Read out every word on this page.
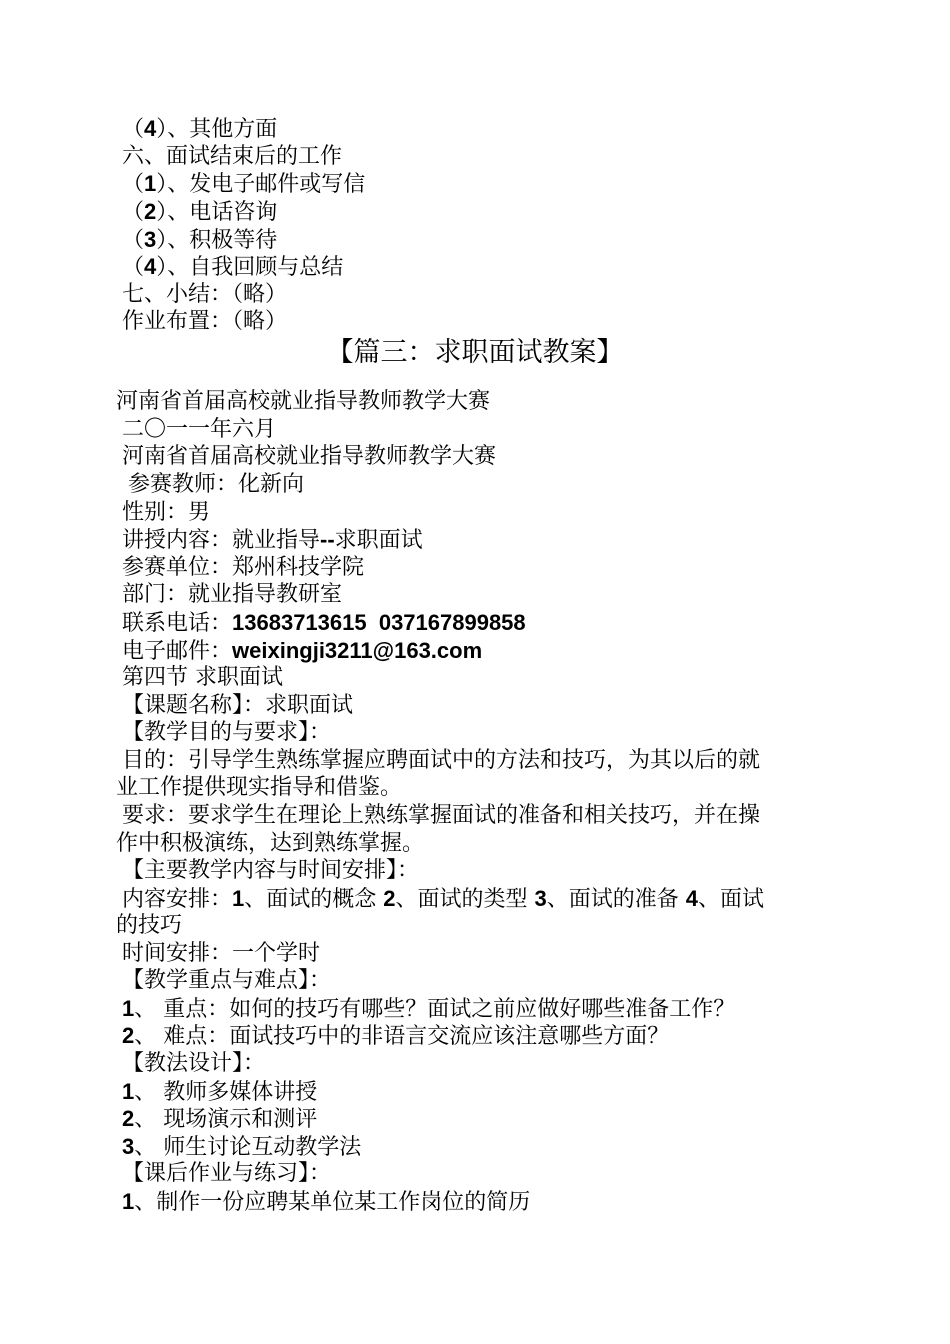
（4）、其他方面
六、面试结束后的工作
（1）、发电子邮件或写信
（2）、电话咨询
（3）、积极等待
（4）、自我回顾与总结
七、小结：（略）
作业布置：（略）
【篇三：求职面试教案】
河南省首届高校就业指导教师教学大赛
二〇一一年六月
河南省首届高校就业指导教师教学大赛
参赛教师：化新向
性别：男
讲授内容：就业指导--求职面试
参赛单位：郑州科技学院
部门：就业指导教研室
联系电话：13683713615  037167899858
电子邮件：weixingji3211@163.com
第四节 求职面试
【课题名称】：求职面试
【教学目的与要求】：
目的：引导学生熟练掌握应聘面试中的方法和技巧，为其以后的就
业工作提供现实指导和借鉴。
要求：要求学生在理论上熟练掌握面试的准备和相关技巧，并在操
作中积极演练，达到熟练掌握。
【主要教学内容与时间安排】：
内容安排：1、面试的概念 2、面试的类型 3、面试的准备 4、面试
的技巧
时间安排：一个学时
【教学重点与难点】：
1、 重点：如何的技巧有哪些？面试之前应做好哪些准备工作？
2、 难点：面试技巧中的非语言交流应该注意哪些方面？
【教法设计】：
1、 教师多媒体讲授
2、 现场演示和测评
3、 师生讨论互动教学法
【课后作业与练习】：
1、制作一份应聘某单位某工作岗位的简历
